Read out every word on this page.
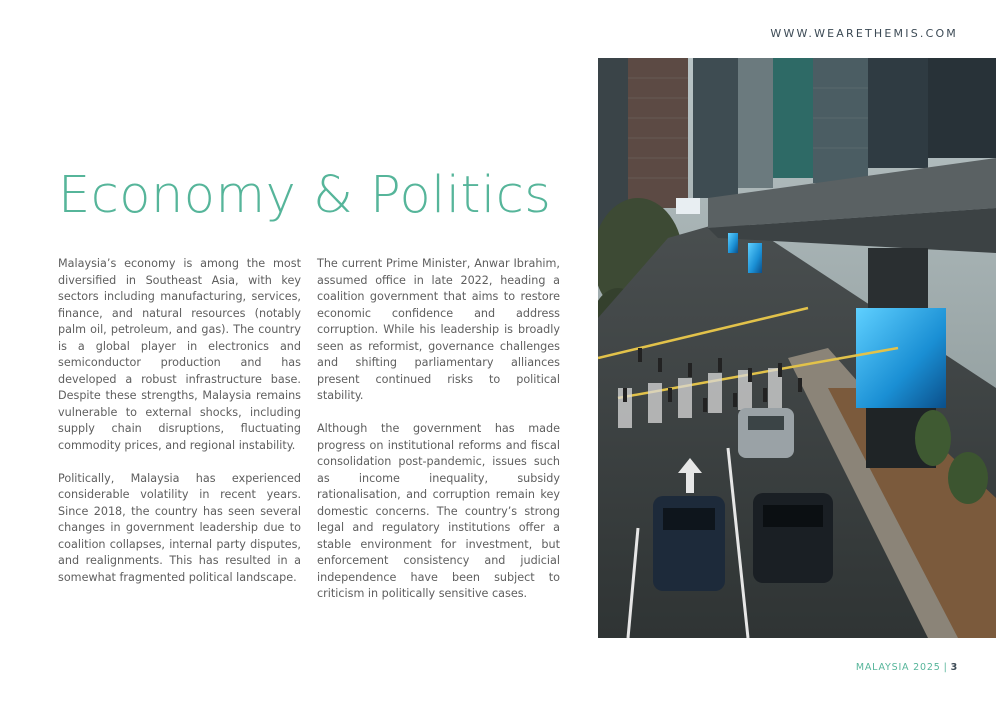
WWW.WEARETHEMIS.COM
Economy & Politics

Malaysia’s economy is among the most diversified in Southeast Asia, with key sectors including manufacturing, services, finance, and natural resources (notably palm oil, petroleum, and gas). The country is a global player in electronics and semiconductor production and has developed a robust infrastructure base. Despite these strengths, Malaysia remains vulnerable to external shocks, including supply chain disruptions, fluctuating commodity prices, and regional instability.

Politically, Malaysia has experienced considerable volatility in recent years. Since 2018, the country has seen several changes in government leadership due to coalition collapses, internal party disputes, and realignments. This has resulted in a somewhat fragmented political landscape.

The current Prime Minister, Anwar Ibrahim, assumed office in late 2022, heading a coalition government that aims to restore economic confidence and address corruption. While his leadership is broadly seen as reformist, governance challenges and shifting parliamentary alliances present continued risks to political stability.

Although the government has made progress on institutional reforms and fiscal consolidation post-pandemic, issues such as income inequality, subsidy rationalisation, and corruption remain key domestic concerns. The country’s strong legal and regulatory institutions offer a stable environment for investment, but enforcement consistency and judicial independence have been subject to criticism in politically sensitive cases.

MALAYSIA 2025 | 3
